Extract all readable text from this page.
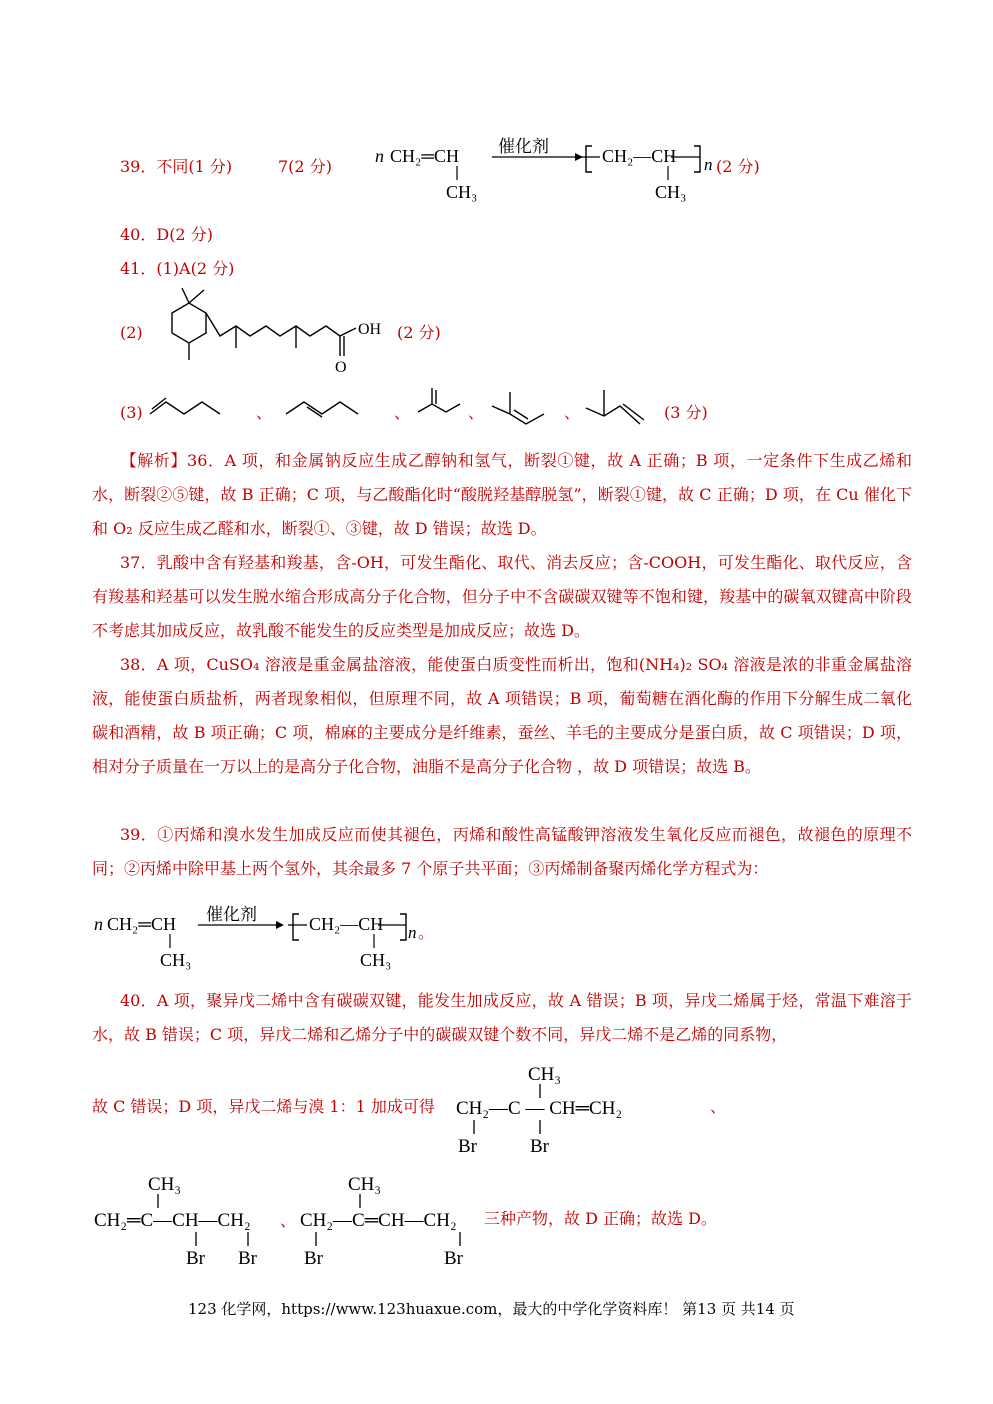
39．不同(1 分)	7(2 分)
n CH₂═CH
CH₃
催化剂	CH₂—CH
CH₃
n (2 分)
40．D(2 分)
41．(1)A(2 分)
(2)	OH
O
(2 分)
(3)	、	、	、	、	(3 分)
【解析】36．A 项，和金属钠反应生成乙醇钠和氢气，断裂①键，故 A 正确；B 项，一定条件下生成乙烯和水，断裂②⑤键，故 B 正确；C 项，与乙酸酯化时“酸脱羟基醇脱氢”，断裂①键，故 C 正确；D 项，在 Cu 催化下和 O₂ 反应生成乙醛和水，断裂①、③键，故 D 错误；故选 D。
37．乳酸中含有羟基和羧基，含-OH，可发生酯化、取代、消去反应；含-COOH，可发生酯化、取代反应，含有羧基和羟基可以发生脱水缩合形成高分子化合物，但分子中不含碳碳双键等不饱和键，羧基中的碳氧双键高中阶段不考虑其加成反应，故乳酸不能发生的反应类型是加成反应；故选 D。
38．A 项，CuSO₄ 溶液是重金属盐溶液，能使蛋白质变性而析出，饱和(NH₄)₂ SO₄ 溶液是浓的非重金属盐溶液，能使蛋白质盐析，两者现象相似，但原理不同，故 A 项错误；B 项，葡萄糖在酒化酶的作用下分解生成二氧化碳和酒精，故 B 项正确；C 项，棉麻的主要成分是纤维素，蚕丝、羊毛的主要成分是蛋白质，故 C 项错误；D 项，相对分子质量在一万以上的是高分子化合物，油脂不是高分子化合物 ，故 D 项错误；故选 B。
39．①丙烯和溴水发生加成反应而使其褪色，丙烯和酸性高锰酸钾溶液发生氧化反应而褪色，故褪色的原理不同；②丙烯中除甲基上两个氢外，其余最多 7 个原子共平面；③丙烯制备聚丙烯化学方程式为：
n CH₂═CH
CH₃
催化剂	CH₂—CH
CH₃
n 。
40．A 项，聚异戊二烯中含有碳碳双键，能发生加成反应，故 A 错误；B 项，异戊二烯属于烃，常温下难溶于水，故 B 错误；C 项，异戊二烯和乙烯分子中的碳碳双键个数不同，异戊二烯不是乙烯的同系物，
故 C 错误；D 项，异戊二烯与溴 1：1 加成可得
CH₃
CH₂—C — CH═CH₂
Br	Br
、
CH₃
CH₂═C—CH—CH₂
Br Br
、
CH₃
CH₂—C═CH—CH₂
Br	Br
三种产物，故 D 正确；故选 D。
123 化学网，https://www.123huaxue.com，最大的中学化学资料库！ 第13 页 共14 页
